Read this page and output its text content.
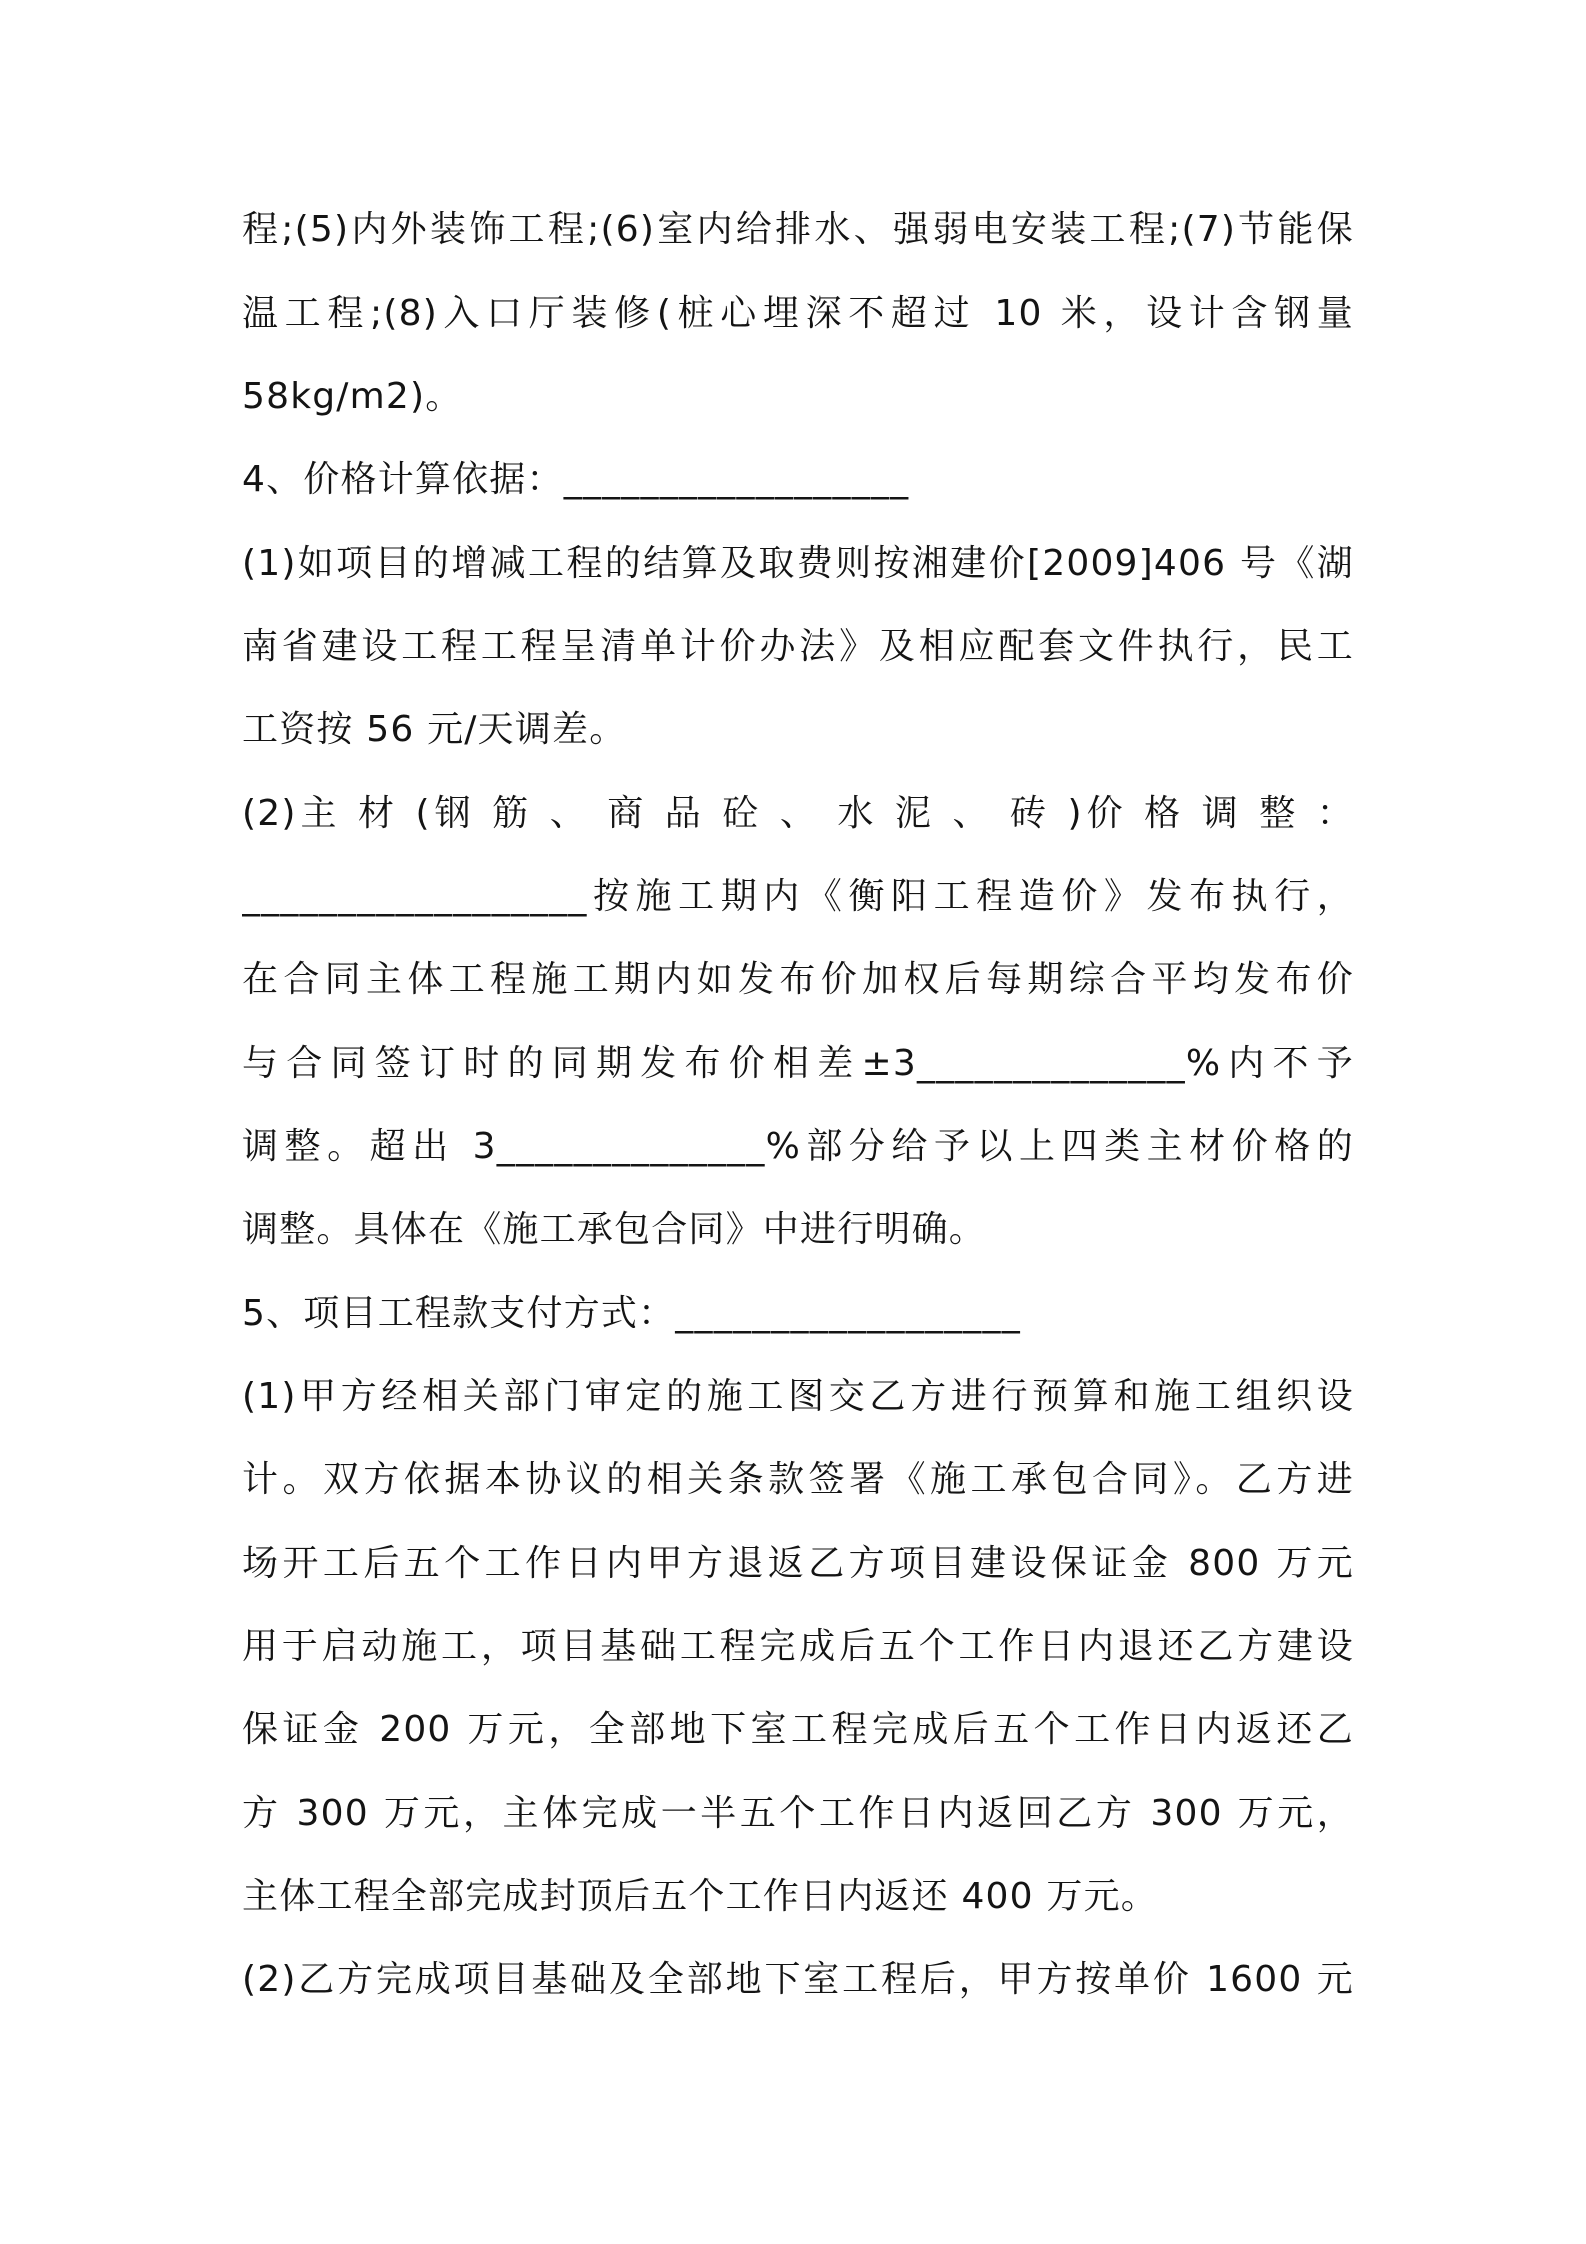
程;(5)内外装饰工程;(6)室内给排水、强弱电安装工程;(7)节能保
温工程;(8)入口厅装修(桩心埋深不超过 10 米，设计含钢量
58kg/m2)。
4、价格计算依据：__________________
(1)如项目的增减工程的结算及取费则按湘建价[2009]406 号《湖
南省建设工程工程呈清单计价办法》及相应配套文件执行，民工
工资按 56 元/天调差。
(2)主 材 (钢 筋 、 商 品 砼 、 水 泥 、 砖 )价 格 调 整 ：
__________________按施工期内《衡阳工程造价》发布执行，
在合同主体工程施工期内如发布价加权后每期综合平均发布价
与合同签订时的同期发布价相差±3______________%内不予
调整。超出 3______________%部分给予以上四类主材价格的
调整。具体在《施工承包合同》中进行明确。
5、项目工程款支付方式：__________________
(1)甲方经相关部门审定的施工图交乙方进行预算和施工组织设
计。双方依据本协议的相关条款签署《施工承包合同》。乙方进
场开工后五个工作日内甲方退返乙方项目建设保证金 800 万元
用于启动施工，项目基础工程完成后五个工作日内退还乙方建设
保证金 200 万元，全部地下室工程完成后五个工作日内返还乙
方 300 万元，主体完成一半五个工作日内返回乙方 300 万元，
主体工程全部完成封顶后五个工作日内返还 400 万元。
(2)乙方完成项目基础及全部地下室工程后，甲方按单价 1600 元
